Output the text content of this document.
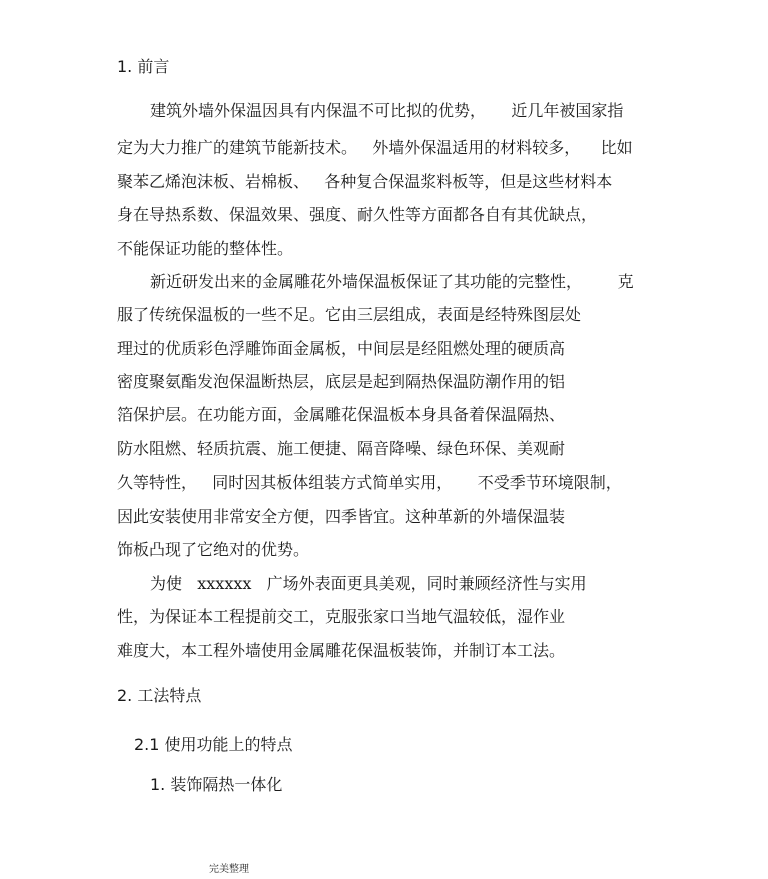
1. 前言
建筑外墙外保温因具有内保温不可比拟的优势，     近几年被国家指
定为大力推广的建筑节能新技术。   外墙外保温适用的材料较多，    比如
聚苯乙烯泡沫板、岩棉板、   各种复合保温浆料板等，但是这些材料本
身在导热系数、保温效果、强度、耐久性等方面都各自有其优缺点，
不能保证功能的整体性。
新近研发出来的金属雕花外墙保温板保证了其功能的完整性，       克
服了传统保温板的一些不足。它由三层组成，表面是经特殊图层处
理过的优质彩色浮雕饰面金属板，中间层是经阻燃处理的硬质高
密度聚氨酯发泡保温断热层，底层是起到隔热保温防潮作用的铝
箔保护层。在功能方面，金属雕花保温板本身具备着保温隔热、
防水阻燃、轻质抗震、施工便捷、隔音降噪、绿色环保、美观耐
久等特性，   同时因其板体组装方式简单实用，     不受季节环境限制，
因此安装使用非常安全方便，四季皆宜。这种革新的外墙保温装
饰板凸现了它绝对的优势。
为使   xxxxxx   广场外表面更具美观，同时兼顾经济性与实用
性，为保证本工程提前交工，克服张家口当地气温较低，湿作业
难度大，本工程外墙使用金属雕花保温板装饰，并制订本工法。
2. 工法特点
2.1 使用功能上的特点
1. 装饰隔热一体化
完美整理
